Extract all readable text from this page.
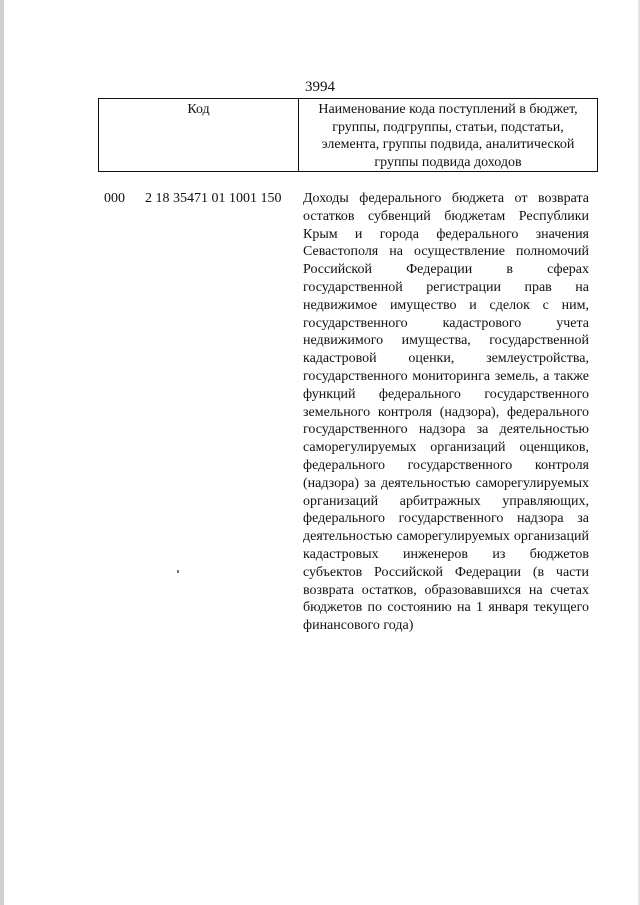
3994
Код	Наименование кода поступлений в бюджет, группы, подгруппы, статьи, подстатьи, элемента, группы подвида, аналитической группы подвида доходов
000 2 18 35471 01 1001 150 Доходы федерального бюджета от возврата остатков субвенций бюджетам Республики Крым и города федерального значения Севастополя на осуществление полномочий Российской Федерации в сферах государственной регистрации прав на недвижимое имущество и сделок с ним, государственного кадастрового учета недвижимого имущества, государственной кадастровой оценки, землеустройства, государственного мониторинга земель, а также функций федерального государственного земельного контроля (надзора), федерального государственного надзора за деятельностью саморегулируемых организаций оценщиков, федерального государственного контроля (надзора) за деятельностью саморегулируемых организаций арбитражных управляющих, федерального государственного надзора за деятельностью саморегулируемых организаций кадастровых инженеров из бюджетов субъектов Российской Федерации (в части возврата остатков, образовавшихся на счетах бюджетов по состоянию на 1 января текущего финансового года)
